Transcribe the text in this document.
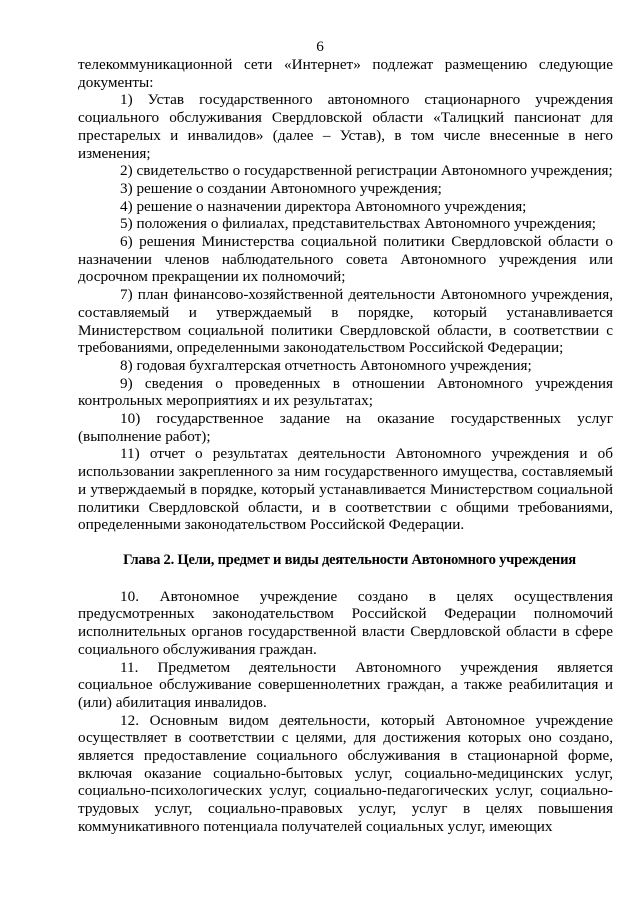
6

телекоммуникационной сети «Интернет» подлежат размещению следующие документы:

1) Устав государственного автономного стационарного учреждения социального обслуживания Свердловской области «Талицкий пансионат для престарелых и инвалидов» (далее – Устав), в том числе внесенные в него изменения;

2) свидетельство о государственной регистрации Автономного учреждения;

3) решение о создании Автономного учреждения;

4) решение о назначении директора Автономного учреждения;

5) положения о филиалах, представительствах Автономного учреждения;

6) решения Министерства социальной политики Свердловской области о назначении членов наблюдательного совета Автономного учреждения или досрочном прекращении их полномочий;

7) план финансово-хозяйственной деятельности Автономного учреждения, составляемый и утверждаемый в порядке, который устанавливается Министерством социальной политики Свердловской области, в соответствии с требованиями, определенными законодательством Российской Федерации;

8) годовая бухгалтерская отчетность Автономного учреждения;

9) сведения о проведенных в отношении Автономного учреждения контрольных мероприятиях и их результатах;

10) государственное задание на оказание государственных услуг (выполнение работ);

11) отчет о результатах деятельности Автономного учреждения и об использовании закрепленного за ним государственного имущества, составляемый и утверждаемый в порядке, который устанавливается Министерством социальной политики Свердловской области, и в соответствии с общими требованиями, определенными законодательством Российской Федерации.

Глава 2. Цели, предмет и виды деятельности Автономного учреждения

10. Автономное учреждение создано в целях осуществления предусмотренных законодательством Российской Федерации полномочий исполнительных органов государственной власти Свердловской области в сфере социального обслуживания граждан.

11. Предметом деятельности Автономного учреждения является социальное обслуживание совершеннолетних граждан, а также реабилитация и (или) абилитация инвалидов.

12. Основным видом деятельности, который Автономное учреждение осуществляет в соответствии с целями, для достижения которых оно создано, является предоставление социального обслуживания в стационарной форме, включая оказание социально-бытовых услуг, социально-медицинских услуг, социально-психологических услуг, социально-педагогических услуг, социально-трудовых услуг, социально-правовых услуг, услуг в целях повышения коммуникативного потенциала получателей социальных услуг, имеющих
